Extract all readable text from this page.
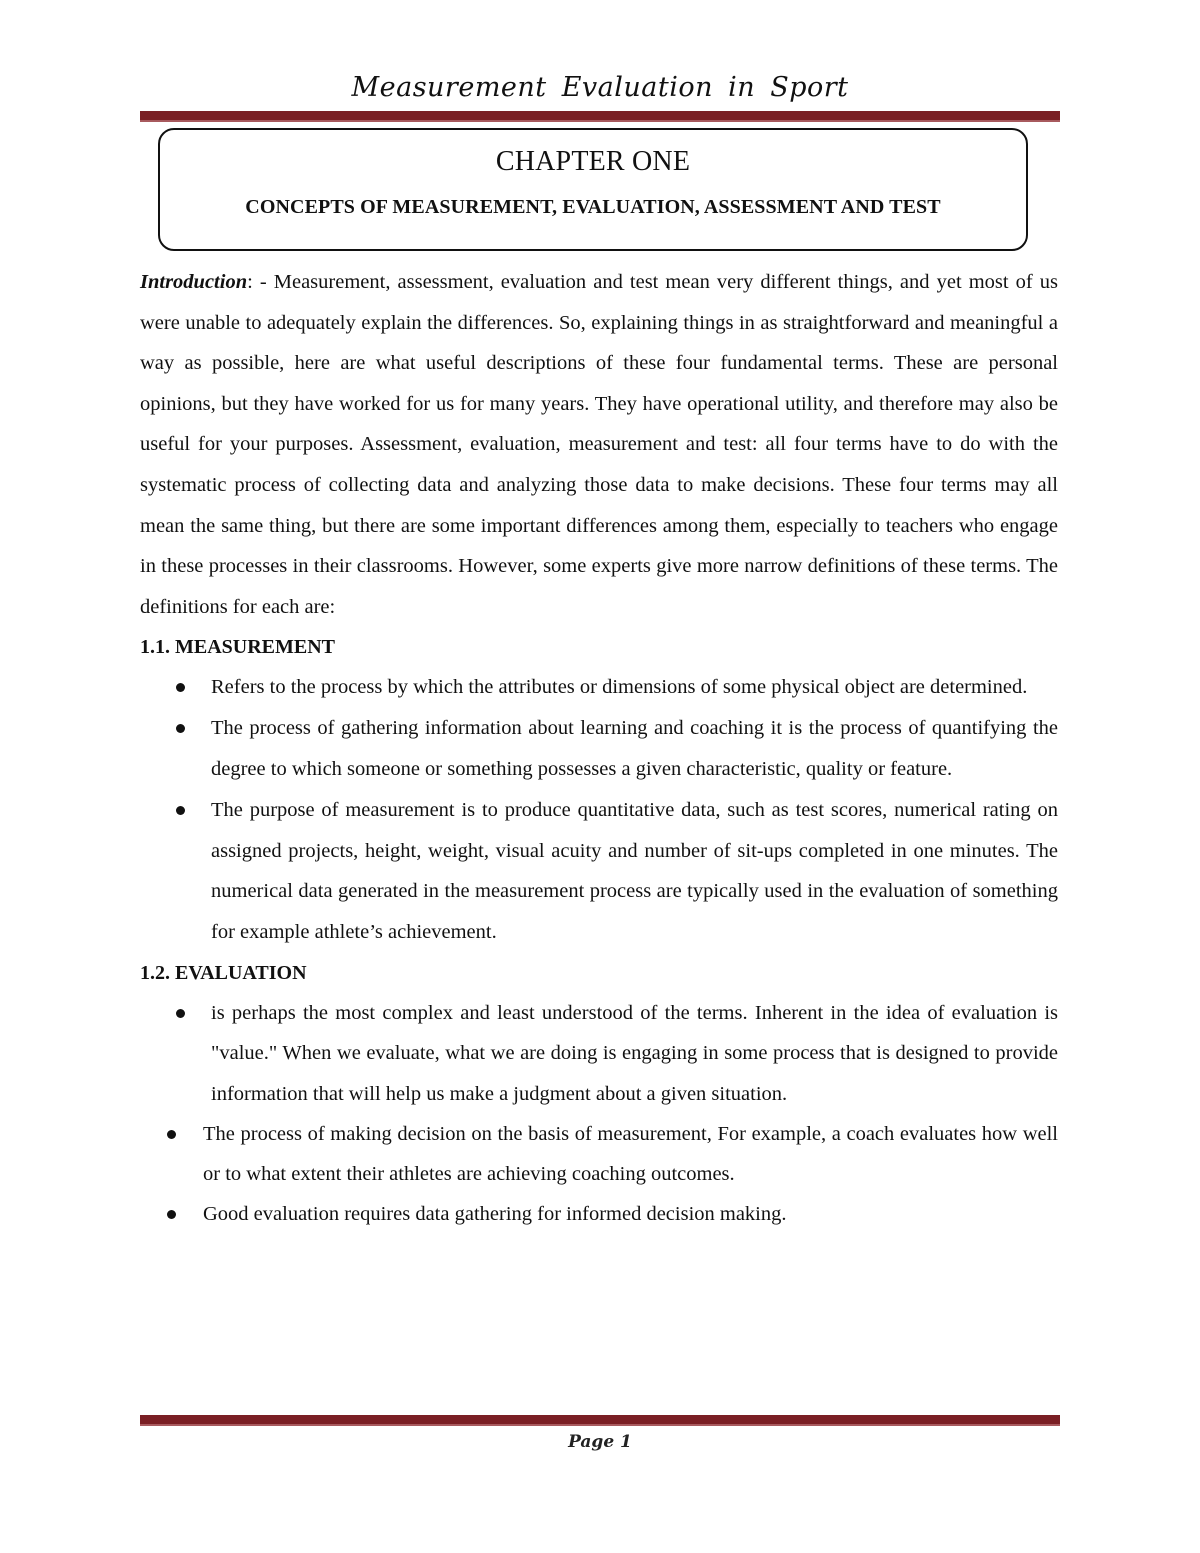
Measurement Evaluation in Sport
CHAPTER ONE
CONCEPTS OF MEASUREMENT, EVALUATION, ASSESSMENT AND TEST

Introduction: - Measurement, assessment, evaluation and test mean very different things, and yet most of us were unable to adequately explain the differences. So, explaining things in as straightforward and meaningful a way as possible, here are what useful descriptions of these four fundamental terms. These are personal opinions, but they have worked for us for many years. They have operational utility, and therefore may also be useful for your purposes. Assessment, evaluation, measurement and test: all four terms have to do with the systematic process of collecting data and analyzing those data to make decisions. These four terms may all mean the same thing, but there are some important differences among them, especially to teachers who engage in these processes in their classrooms. However, some experts give more narrow definitions of these terms. The definitions for each are:

1.1. MEASUREMENT
Refers to the process by which the attributes or dimensions of some physical object are determined.
The process of gathering information about learning and coaching it is the process of quantifying the degree to which someone or something possesses a given characteristic, quality or feature.
The purpose of measurement is to produce quantitative data, such as test scores, numerical rating on assigned projects, height, weight, visual acuity and number of sit-ups completed in one minutes. The numerical data generated in the measurement process are typically used in the evaluation of something for example athlete’s achievement.
1.2. EVALUATION
is perhaps the most complex and least understood of the terms. Inherent in the idea of evaluation is "value." When we evaluate, what we are doing is engaging in some process that is designed to provide information that will help us make a judgment about a given situation.
The process of making decision on the basis of measurement, For example, a coach evaluates how well or to what extent their athletes are achieving coaching outcomes.
Good evaluation requires data gathering for informed decision making.
Page 1
